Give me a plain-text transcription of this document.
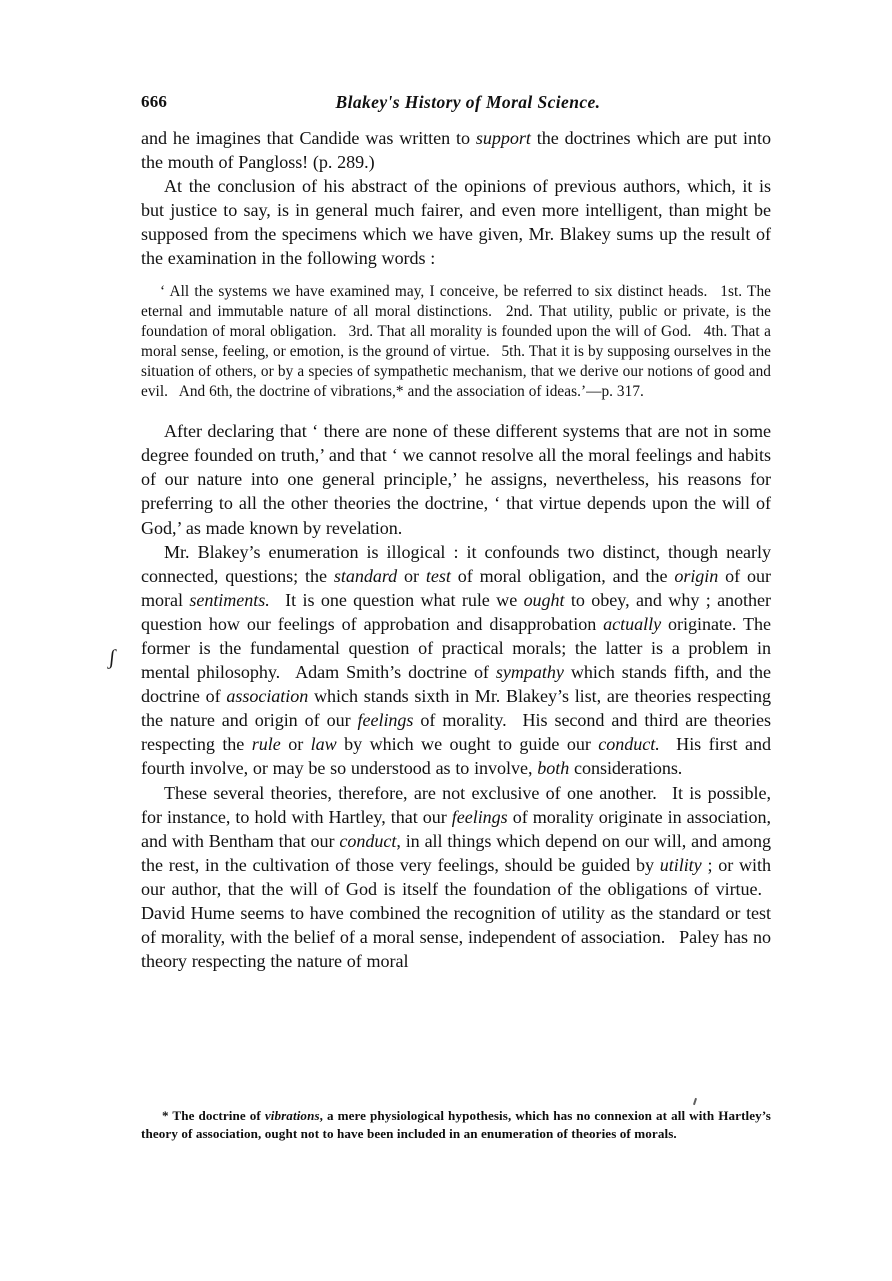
666	Blakey's History of Moral Science.

and he imagines that Candide was written to support the doctrines which are put into the mouth of Pangloss! (p. 289.)

At the conclusion of his abstract of the opinions of previous authors, which, it is but justice to say, is in general much fairer, and even more intelligent, than might be supposed from the specimens which we have given, Mr. Blakey sums up the result of the examination in the following words :

‘ All the systems we have examined may, I conceive, be referred to six distinct heads.  1st. The eternal and immutable nature of all moral distinctions.  2nd. That utility, public or private, is the foundation of moral obligation.  3rd. That all morality is founded upon the will of God.  4th. That a moral sense, feeling, or emotion, is the ground of virtue.  5th. That it is by supposing ourselves in the situation of others, or by a species of sympathetic mechanism, that we derive our notions of good and evil.  And 6th, the doctrine of vibrations,* and the association of ideas.’—p. 317.

After declaring that ‘ there are none of these different systems that are not in some degree founded on truth,’ and that ‘ we cannot resolve all the moral feelings and habits of our nature into one general principle,’ he assigns, nevertheless, his reasons for preferring to all the other theories the doctrine, ‘ that virtue depends upon the will of God,’ as made known by revelation.

Mr. Blakey’s enumeration is illogical : it confounds two distinct, though nearly connected, questions; the standard or test of moral obligation, and the origin of our moral sentiments.  It is one question what rule we ought to obey, and why ; another question how our feelings of approbation and disapprobation actually originate. The former is the fundamental question of practical morals; the latter is a problem in mental philosophy.  Adam Smith’s doctrine of sympathy which stands fifth, and the doctrine of association which stands sixth in Mr. Blakey’s list, are theories respecting the nature and origin of our feelings of morality.  His second and third are theories respecting the rule or law by which we ought to guide our conduct.  His first and fourth involve, or may be so understood as to involve, both considerations.

These several theories, therefore, are not exclusive of one another.  It is possible, for instance, to hold with Hartley, that our feelings of morality originate in association, and with Bentham that our conduct, in all things which depend on our will, and among the rest, in the cultivation of those very feelings, should be guided by utility ; or with our author, that the will of God is itself the foundation of the obligations of virtue.  David Hume seems to have combined the recognition of utility as the standard or test of morality, with the belief of a moral sense, independent of association.  Paley has no theory respecting the nature of moral

ʃ

* The doctrine of vibrations, a mere physiological hypothesis, which has no connexion at all with Hartley’s theory of association, ought not to have been included in an enumeration of theories of morals.
